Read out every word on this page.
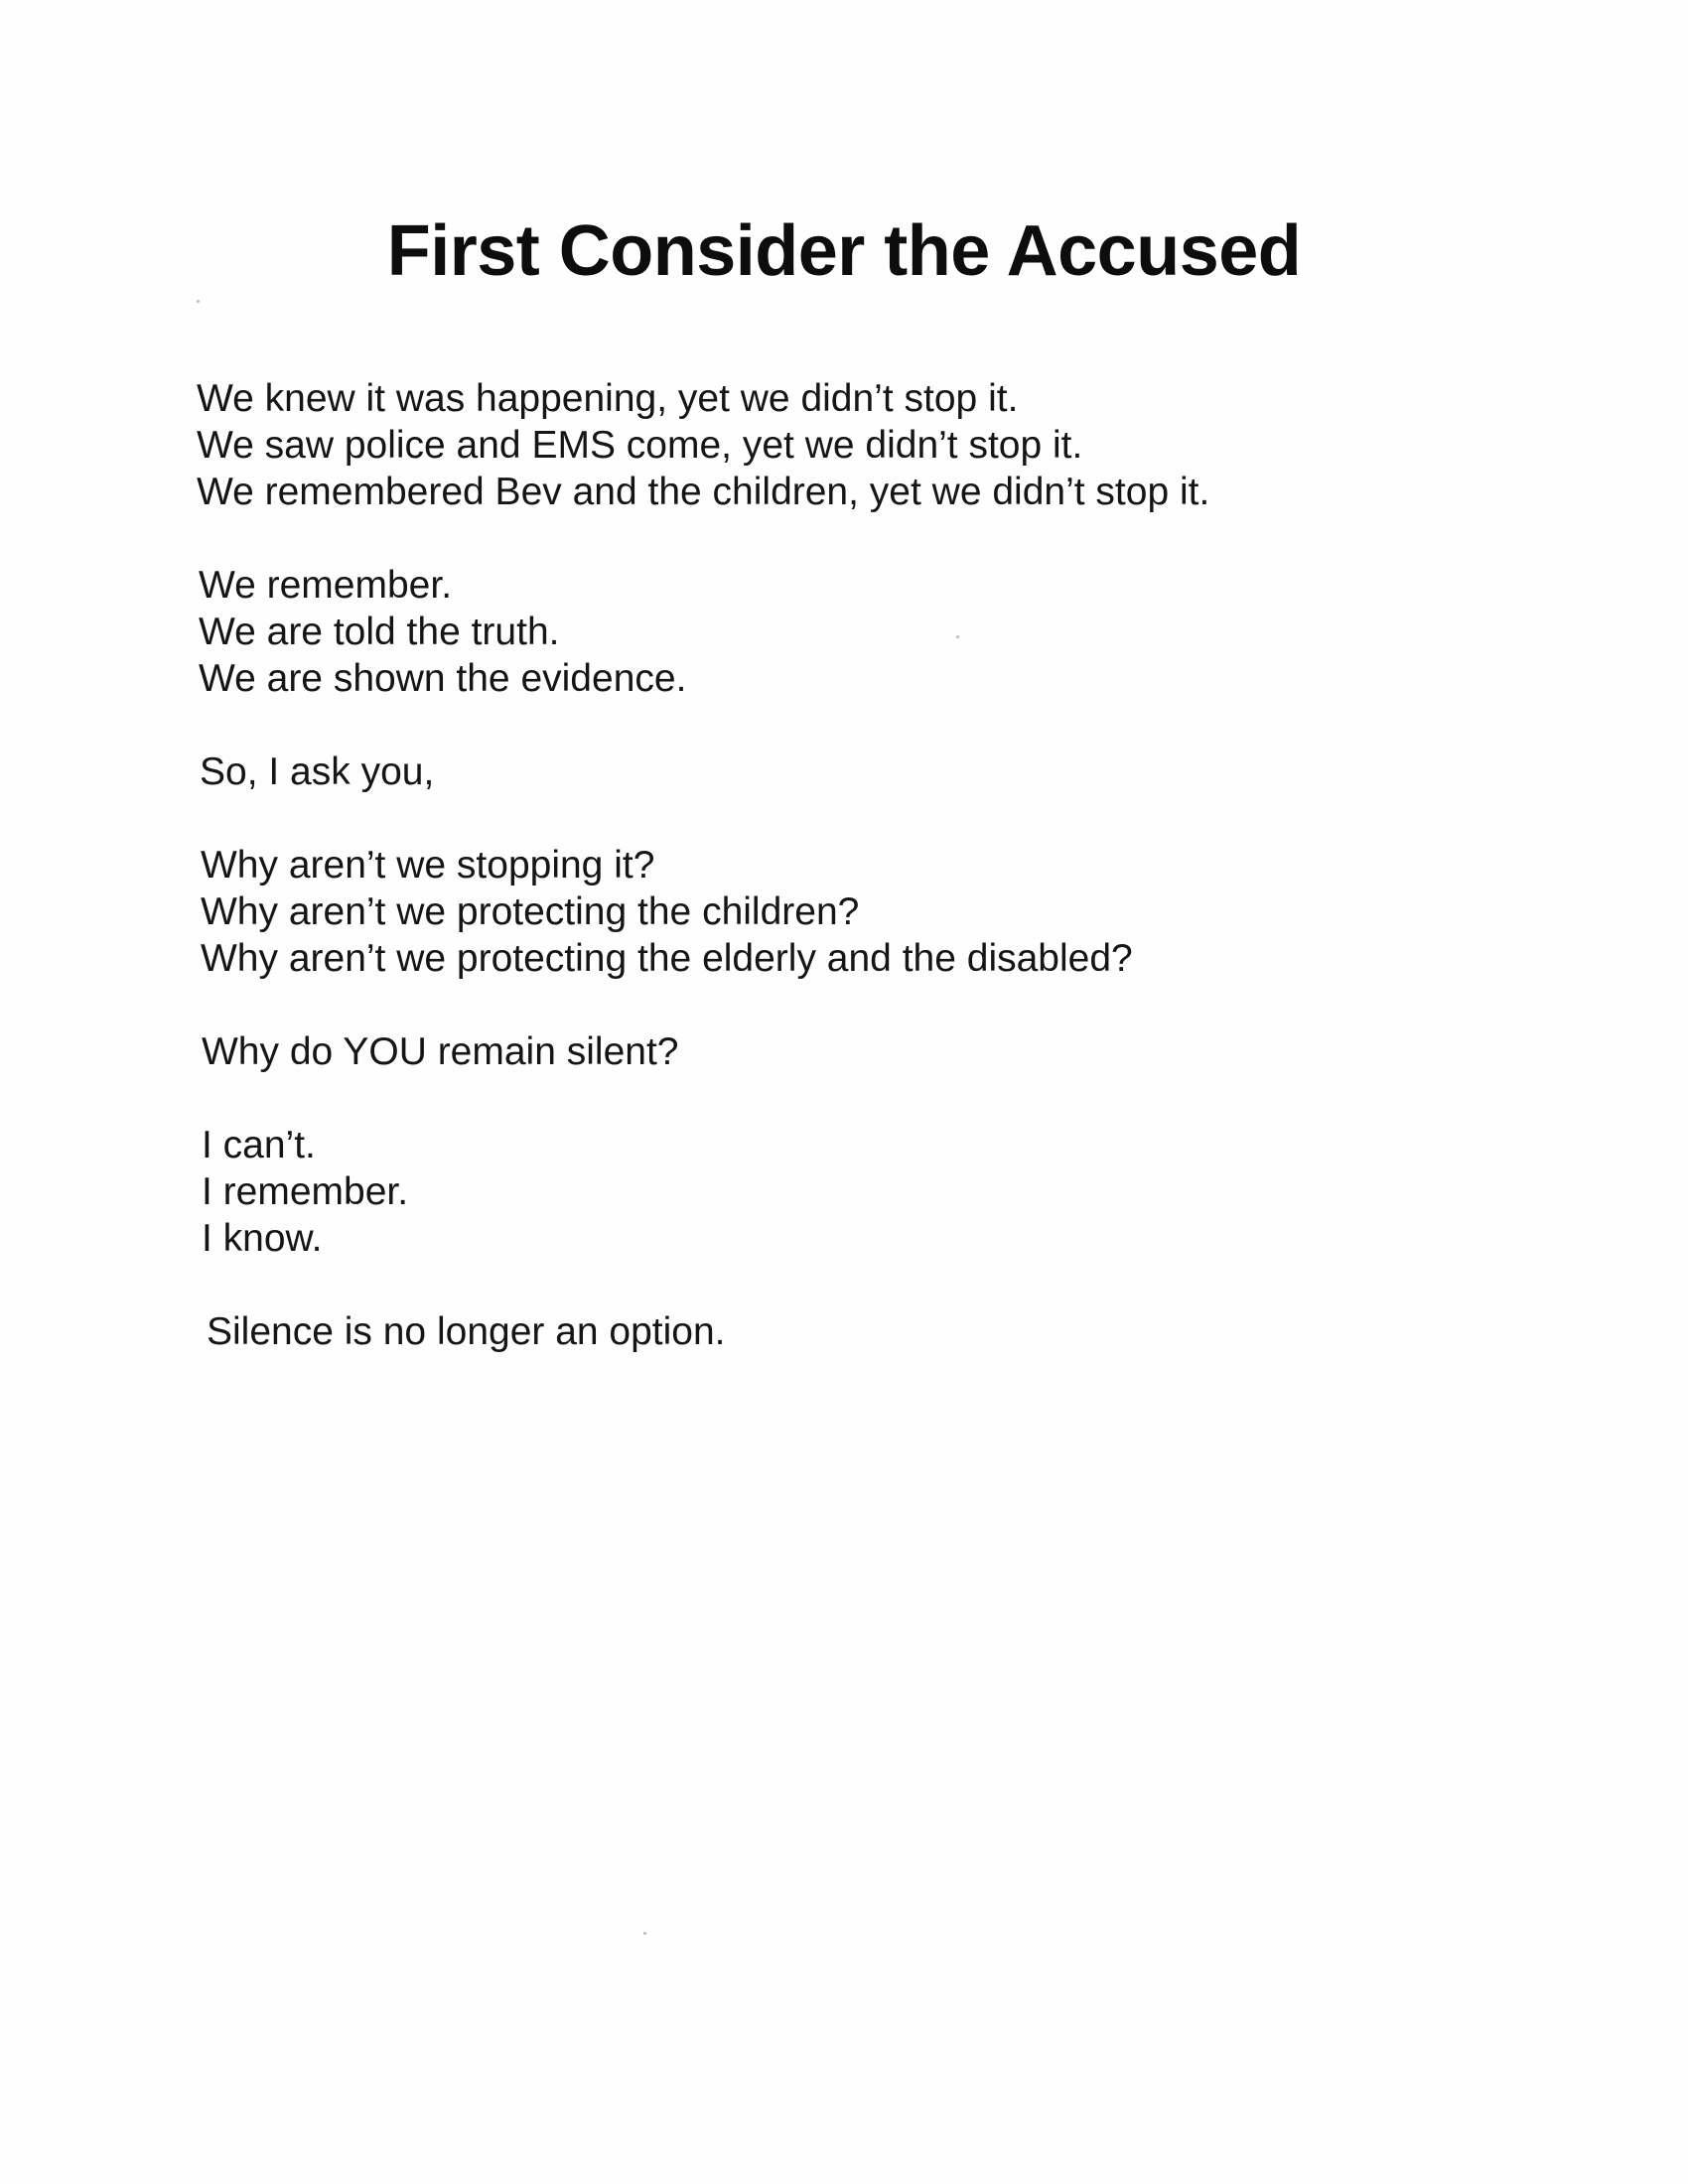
First Consider the Accused
We knew it was happening, yet we didn’t stop it.
We saw police and EMS come, yet we didn’t stop it.
We remembered Bev and the children, yet we didn’t stop it.
We remember.
We are told the truth.
We are shown the evidence.
So, I ask you,
Why aren’t we stopping it?
Why aren’t we protecting the children?
Why aren’t we protecting the elderly and the disabled?
Why do YOU remain silent?
I can’t.
I remember.
I know.
Silence is no longer an option.
